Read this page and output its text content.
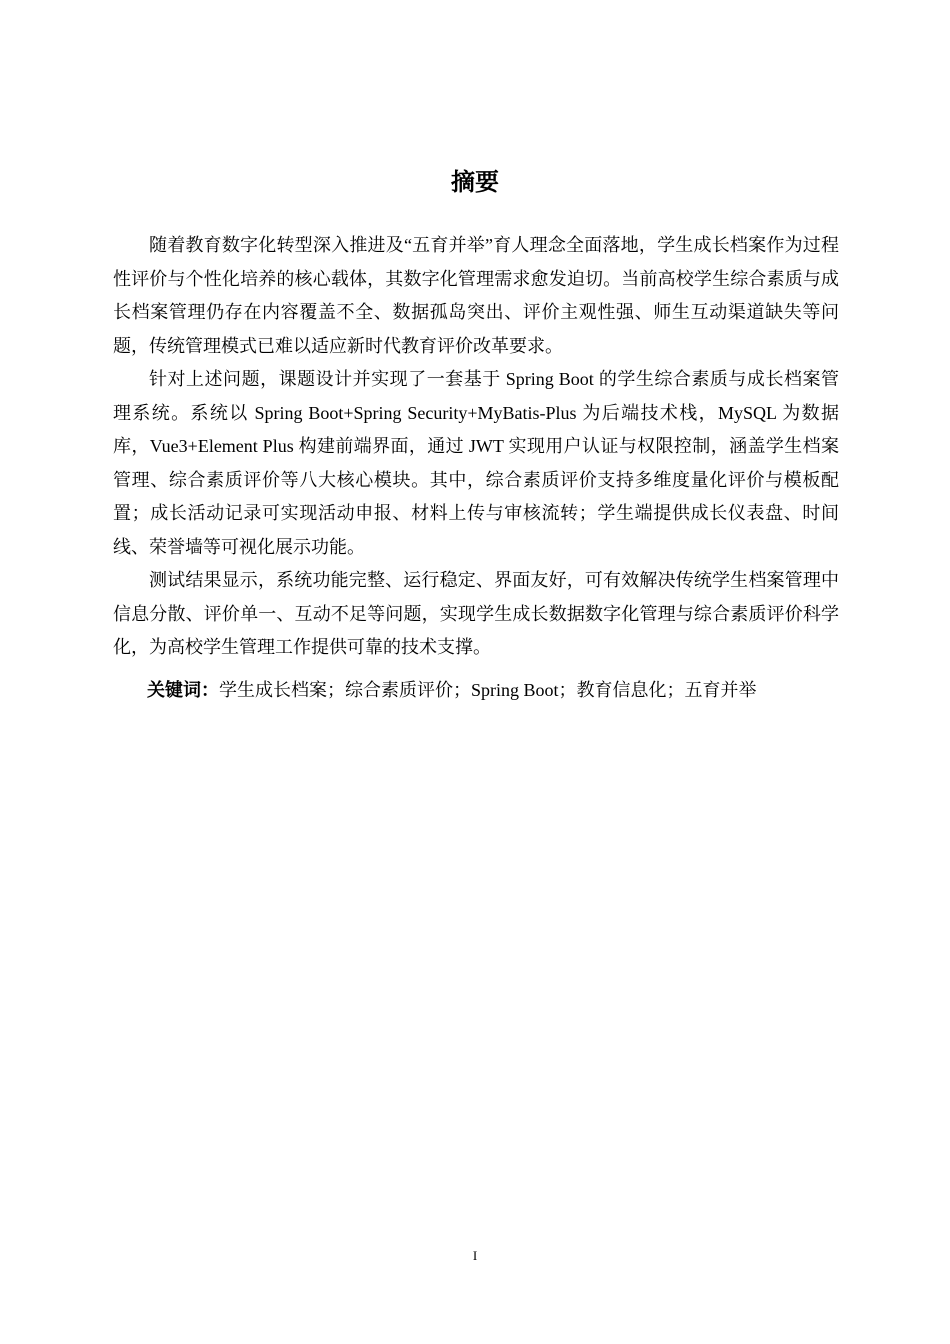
摘要

随着教育数字化转型深入推进及“五育并举”育人理念全面落地，学生成长档案作为过程性评价与个性化培养的核心载体，其数字化管理需求愈发迫切。当前高校学生综合素质与成长档案管理仍存在内容覆盖不全、数据孤岛突出、评价主观性强、师生互动渠道缺失等问题，传统管理模式已难以适应新时代教育评价改革要求。

针对上述问题，课题设计并实现了一套基于 Spring Boot 的学生综合素质与成长档案管理系统。系统以 Spring Boot+Spring Security+MyBatis-Plus 为后端技术栈，MySQL 为数据库，Vue3+Element Plus 构建前端界面，通过 JWT 实现用户认证与权限控制，涵盖学生档案管理、综合素质评价等八大核心模块。其中，综合素质评价支持多维度量化评价与模板配置；成长活动记录可实现活动申报、材料上传与审核流转；学生端提供成长仪表盘、时间线、荣誉墙等可视化展示功能。

测试结果显示，系统功能完整、运行稳定、界面友好，可有效解决传统学生档案管理中信息分散、评价单一、互动不足等问题，实现学生成长数据数字化管理与综合素质评价科学化，为高校学生管理工作提供可靠的技术支撑。

关键词：学生成长档案；综合素质评价；Spring Boot；教育信息化；五育并举
I
